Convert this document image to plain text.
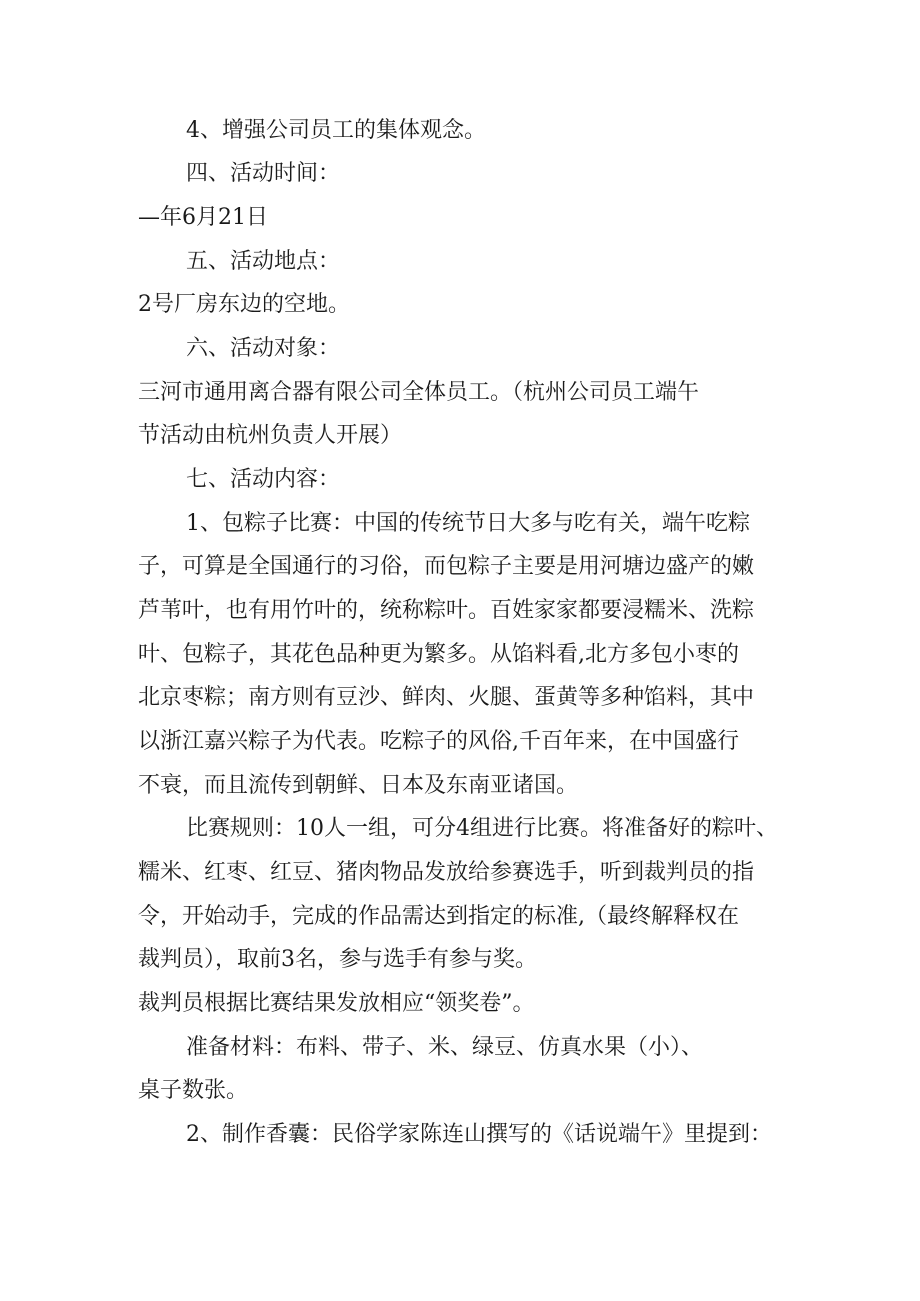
4、增强公司员工的集体观念。

四、活动时间：

—年6月21日

五、活动地点：

2号厂房东边的空地。

六、活动对象：

三河市通用离合器有限公司全体员工。（杭州公司员工端午

节活动由杭州负责人开展）

七、活动内容：

1、包粽子比赛：中国的传统节日大多与吃有关，端午吃粽

子，可算是全国通行的习俗，而包粽子主要是用河塘边盛产的嫩

芦苇叶，也有用竹叶的，统称粽叶。百姓家家都要浸糯米、洗粽

叶、包粽子，其花色品种更为繁多。从馅料看,北方多包小枣的

北京枣粽；南方则有豆沙、鲜肉、火腿、蛋黄等多种馅料，其中

以浙江嘉兴粽子为代表。吃粽子的风俗,千百年来，在中国盛行

不衰，而且流传到朝鲜、日本及东南亚诸国。

比赛规则：10人一组，可分4组进行比赛。将准备好的粽叶、

糯米、红枣、红豆、猪肉物品发放给参赛选手，听到裁判员的指

令，开始动手，完成的作品需达到指定的标准,（最终解释权在

裁判员），取前3名，参与选手有参与奖。

裁判员根据比赛结果发放相应“领奖卷”。

准备材料：布料、带子、米、绿豆、仿真水果（小）、

桌子数张。

2、制作香囊：民俗学家陈连山撰写的《话说端午》里提到：
